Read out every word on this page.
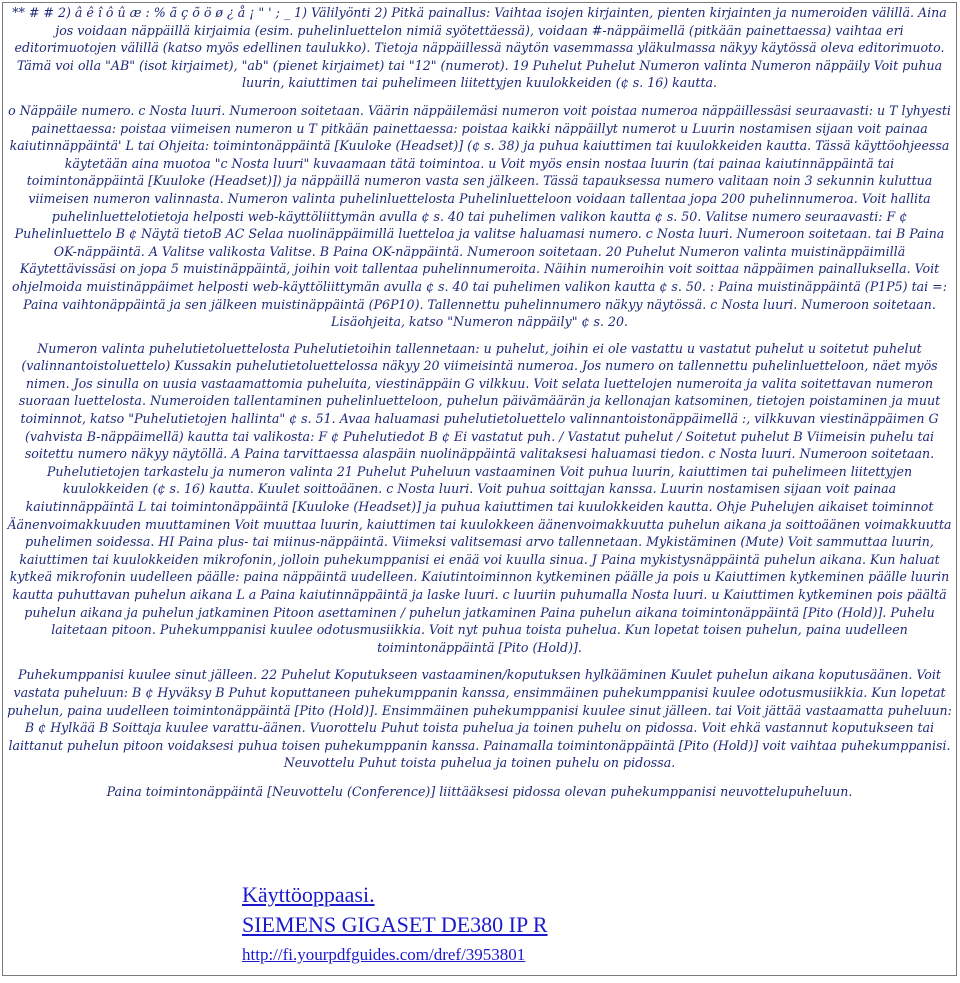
** # # 2) â ê î ô û æ : % ã ç õ ö ø ¿ å ¡ " ' ; _ 1) Välilyönti 2) Pitkä painallus: Vaihtaa isojen kirjainten, pienten kirjainten ja numeroiden välillä. Aina jos voidaan näppäillä kirjaimia (esim. puhelinluettelon nimiä syötettäessä), voidaan #-näppäimellä (pitkään painettaessa) vaihtaa eri editorimuotojen välillä (katso myös edellinen taulukko). Tietoja näppäillessä näytön vasemmassa yläkulmassa näkyy käytössä oleva editorimuoto. Tämä voi olla "AB" (isot kirjaimet), "ab" (pienet kirjaimet) tai "12" (numerot). 19 Puhelut Puhelut Numeron valinta Numeron näppäily Voit puhua luurin, kaiuttimen tai puhelimeen liitettyjen kuulokkeiden (¢ s. 16) kautta.

o Näppäile numero. c Nosta luuri. Numeroon soitetaan. Väärin näppäilemäsi numeron voit poistaa numeroa näppäillessäsi seuraavasti: u T lyhyesti painettaessa: poistaa viimeisen numeron u T pitkään painettaessa: poistaa kaikki näppäillyt numerot u Luurin nostamisen sijaan voit painaa kaiutinnäppäintä' L tai Ohjeita: toimintonäppäintä [Kuuloke (Headset)] (¢ s. 38) ja puhua kaiuttimen tai kuulokkeiden kautta. Tässä käyttöohjeessa käytetään aina muotoa "c Nosta luuri" kuvaamaan tätä toimintoa. u Voit myös ensin nostaa luurin (tai painaa kaiutinnäppäintä tai toimintonäppäintä [Kuuloke (Headset)]) ja näppäillä numeron vasta sen jälkeen. Tässä tapauksessa numero valitaan noin 3 sekunnin kuluttua viimeisen numeron valinnasta. Numeron valinta puhelinluettelosta Puhelinluetteloon voidaan tallentaa jopa 200 puhelinnumeroa. Voit hallita puhelinluettelotietoja helposti web-käyttöliittymän avulla ¢ s. 40 tai puhelimen valikon kautta ¢ s. 50. Valitse numero seuraavasti: F ¢ Puhelinluettelo B ¢ Näytä tietoB AC Selaa nuolinäppäimillä luetteloa ja valitse haluamasi numero. c Nosta luuri. Numeroon soitetaan. tai B Paina OK-näppäintä. A Valitse valikosta Valitse. B Paina OK-näppäintä. Numeroon soitetaan. 20 Puhelut Numeron valinta muistinäppäimillä Käytettävissäsi on jopa 5 muistinäppäintä, joihin voit tallentaa puhelinnumeroita. Näihin numeroihin voit soittaa näppäimen painalluksella. Voit ohjelmoida muistinäppäimet helposti web-käyttöliittymän avulla ¢ s. 40 tai puhelimen valikon kautta ¢ s. 50. : Paina muistinäppäintä (P1P5) tai =: Paina vaihtonäppäintä ja sen jälkeen muistinäppäintä (P6P10). Tallennettu puhelinnumero näkyy näytössä. c Nosta luuri. Numeroon soitetaan. Lisäohjeita, katso "Numeron näppäily" ¢ s. 20.

Numeron valinta puhelutietoluettelosta Puhelutietoihin tallennetaan: u puhelut, joihin ei ole vastattu u vastatut puhelut u soitetut puhelut (valinnantoistoluettelo) Kussakin puhelutietoluettelossa näkyy 20 viimeisintä numeroa. Jos numero on tallennettu puhelinluetteloon, näet myös nimen. Jos sinulla on uusia vastaamattomia puheluita, viestinäppäin G vilkkuu. Voit selata luettelojen numeroita ja valita soitettavan numeron suoraan luettelosta. Numeroiden tallentaminen puhelinluetteloon, puhelun päivämäärän ja kellonajan katsominen, tietojen poistaminen ja muut toiminnot, katso "Puhelutietojen hallinta" ¢ s. 51. Avaa haluamasi puhelutietoluettelo valinnantoistonäppäimellä :, vilkkuvan viestinäppäimen G (vahvista B-näppäimellä) kautta tai valikosta: F ¢ Puhelutiedot B ¢ Ei vastatut puh. / Vastatut puhelut / Soitetut puhelut B Viimeisin puhelu tai soitettu numero näkyy näytöllä. A Paina tarvittaessa alaspäin nuolinäppäintä valitaksesi haluamasi tiedon. c Nosta luuri. Numeroon soitetaan. Puhelutietojen tarkastelu ja numeron valinta 21 Puhelut Puheluun vastaaminen Voit puhua luurin, kaiuttimen tai puhelimeen liitettyjen kuulokkeiden (¢ s. 16) kautta. Kuulet soittoäänen. c Nosta luuri. Voit puhua soittajan kanssa. Luurin nostamisen sijaan voit painaa kaiutinnäppäintä L tai toimintonäppäintä [Kuuloke (Headset)] ja puhua kaiuttimen tai kuulokkeiden kautta. Ohje Puhelujen aikaiset toiminnot Äänenvoimakkuuden muuttaminen Voit muuttaa luurin, kaiuttimen tai kuulokkeen äänenvoimakkuutta puhelun aikana ja soittoäänen voimakkuutta puhelimen soidessa. HI Paina plus- tai miinus-näppäintä. Viimeksi valitsemasi arvo tallennetaan. Mykistäminen (Mute) Voit sammuttaa luurin, kaiuttimen tai kuulokkeiden mikrofonin, jolloin puhekumppanisi ei enää voi kuulla sinua. J Paina mykistysnäppäintä puhelun aikana. Kun haluat kytkeä mikrofonin uudelleen päälle: paina näppäintä uudelleen. Kaiutintoiminnon kytkeminen päälle ja pois u Kaiuttimen kytkeminen päälle luurin kautta puhuttavan puhelun aikana L a Paina kaiutinnäppäintä ja laske luuri. c luuriin puhumalla Nosta luuri. u Kaiuttimen kytkeminen pois päältä puhelun aikana ja puhelun jatkaminen Pitoon asettaminen / puhelun jatkaminen Paina puhelun aikana toimintonäppäintä [Pito (Hold)]. Puhelu laitetaan pitoon. Puhekumppanisi kuulee odotusmusiikkia. Voit nyt puhua toista puhelua. Kun lopetat toisen puhelun, paina uudelleen toimintonäppäintä [Pito (Hold)].

Puhekumppanisi kuulee sinut jälleen. 22 Puhelut Koputukseen vastaaminen/koputuksen hylkääminen Kuulet puhelun aikana koputusäänen. Voit vastata puheluun: B ¢ Hyväksy B Puhut koputtaneen puhekumppanin kanssa, ensimmäinen puhekumppanisi kuulee odotusmusiikkia. Kun lopetat puhelun, paina uudelleen toimintonäppäintä [Pito (Hold)]. Ensimmäinen puhekumppanisi kuulee sinut jälleen. tai Voit jättää vastaamatta puheluun: B ¢ Hylkää B Soittaja kuulee varattu-äänen. Vuorottelu Puhut toista puhelua ja toinen puhelu on pidossa. Voit ehkä vastannut koputukseen tai laittanut puhelun pitoon voidaksesi puhua toisen puhekumppanin kanssa. Painamalla toimintonäppäintä [Pito (Hold)] voit vaihtaa puhekumppanisi. Neuvottelu Puhut toista puhelua ja toinen puhelu on pidossa.

Paina toimintonäppäintä [Neuvottelu (Conference)] liittääksesi pidossa olevan puhekumppanisi neuvottelupuheluun.

Käyttöoppaasi.
SIEMENS GIGASET DE380 IP R
http://fi.yourpdfguides.com/dref/3953801
